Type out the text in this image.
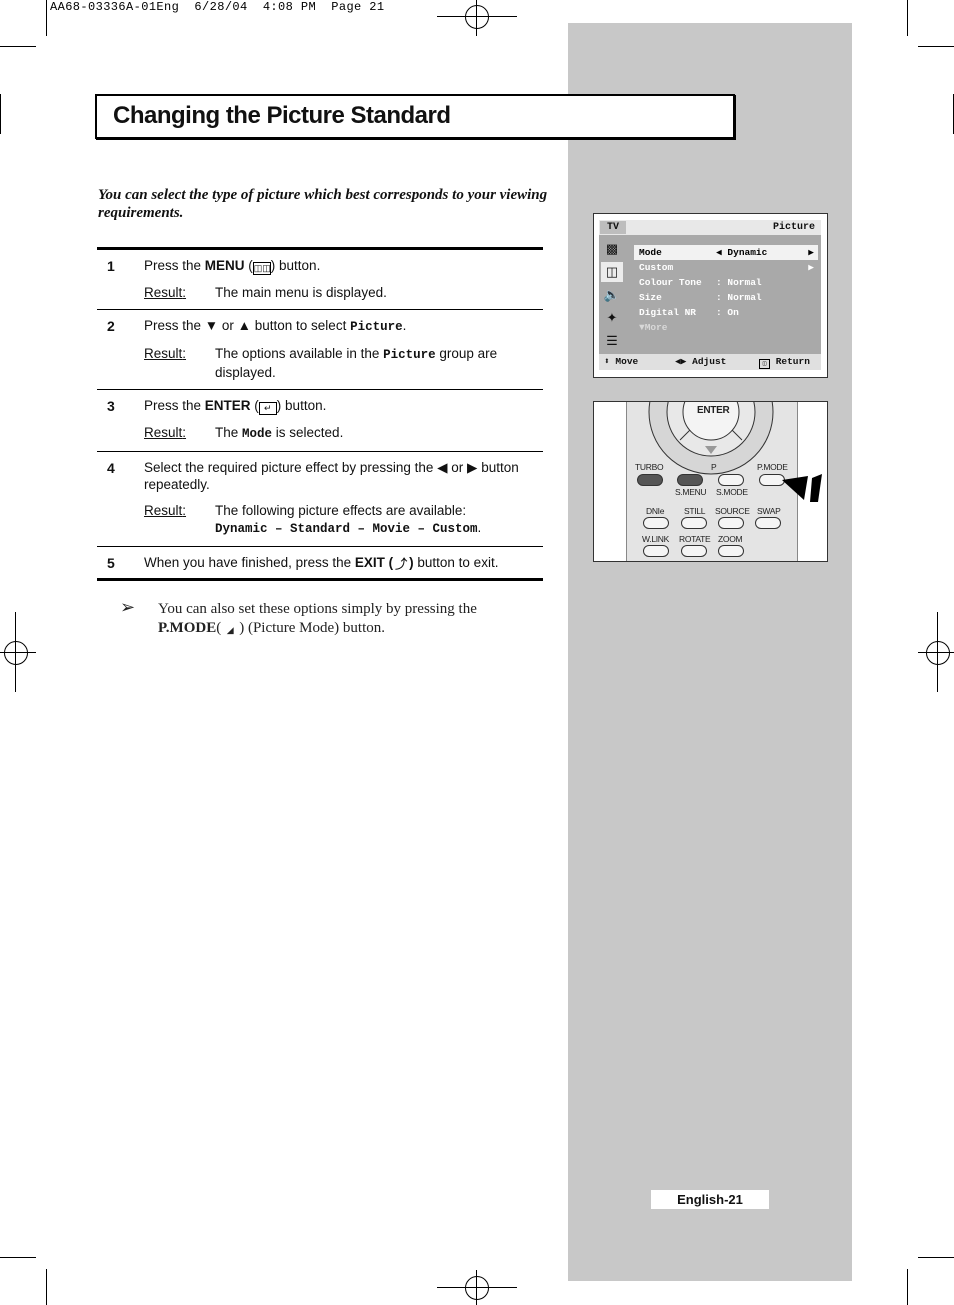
AA68-03336A-01Eng  6/28/04  4:08 PM  Page 21
Changing the Picture Standard
You can select the type of picture which best corresponds to your viewing requirements.
1 Press the MENU (◫◫) button.
Result:	The main menu is displayed.
2 Press the ▼ or ▲ button to select Picture.
Result:	The options available in the Picture group are displayed.
3 Press the ENTER ( ↵ ) button.
Result:	The Mode is selected.
4 Select the required picture effect by pressing the ◀ or ▶ button repeatedly.
Result:	The following picture effects are available:
Dynamic – Standard – Movie – Custom.
5 When you have finished, press the EXIT ( ⤴ ) button to exit.
➢ You can also set these options simply by pressing the
P.MODE( ◢ ) (Picture Mode) button.
TV	Picture
▩
◫
🔈
✦
☰
Mode	◀ Dynamic	▶
Custom	▶
Colour Tone : Normal
Size	: Normal
Digital NR : On
▼More
⬍ Move	◀▶ Adjust	◫ Return
ENTER
TURBO	P	P.MODE
S.MENU S.MODE
DNIe STILL SOURCE SWAP
W.LINK ROTATE ZOOM
English-21
